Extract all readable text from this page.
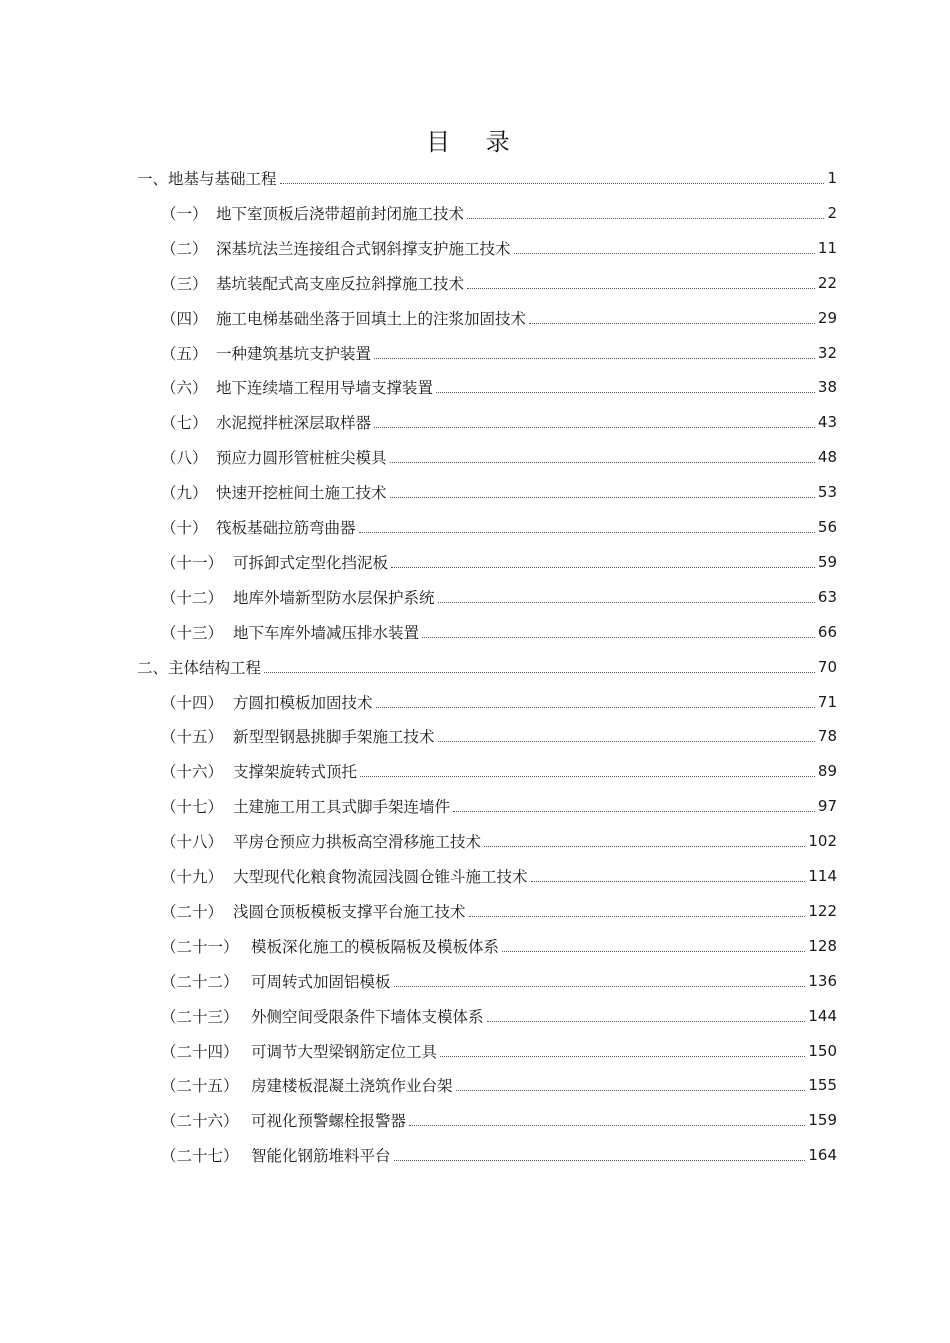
目 录
一、 地基与基础工程	1
（一） 地下室顶板后浇带超前封闭施工技术	2
（二） 深基坑法兰连接组合式钢斜撑支护施工技术	11
（三） 基坑装配式高支座反拉斜撑施工技术	22
（四） 施工电梯基础坐落于回填土上的注浆加固技术	29
（五） 一种建筑基坑支护装置	32
（六） 地下连续墙工程用导墙支撑装置	38
（七） 水泥搅拌桩深层取样器	43
（八） 预应力圆形管桩桩尖模具	48
（九） 快速开挖桩间土施工技术	53
（十） 筏板基础拉筋弯曲器	56
（十一） 可拆卸式定型化挡泥板	59
（十二） 地库外墙新型防水层保护系统	63
（十三） 地下车库外墙减压排水装置	66
二、 主体结构工程	70
（十四） 方圆扣模板加固技术	71
（十五） 新型型钢悬挑脚手架施工技术	78
（十六） 支撑架旋转式顶托	89
（十七） 土建施工用工具式脚手架连墙件	97
（十八） 平房仓预应力拱板高空滑移施工技术	102
（十九） 大型现代化粮食物流园浅圆仓锥斗施工技术	114
（二十） 浅圆仓顶板模板支撑平台施工技术	122
（二十一） 模板深化施工的模板隔板及模板体系	128
（二十二） 可周转式加固铝模板	136
（二十三） 外侧空间受限条件下墙体支模体系	144
（二十四） 可调节大型梁钢筋定位工具	150
（二十五） 房建楼板混凝土浇筑作业台架	155
（二十六） 可视化预警螺栓报警器	159
（二十七） 智能化钢筋堆料平台	164
